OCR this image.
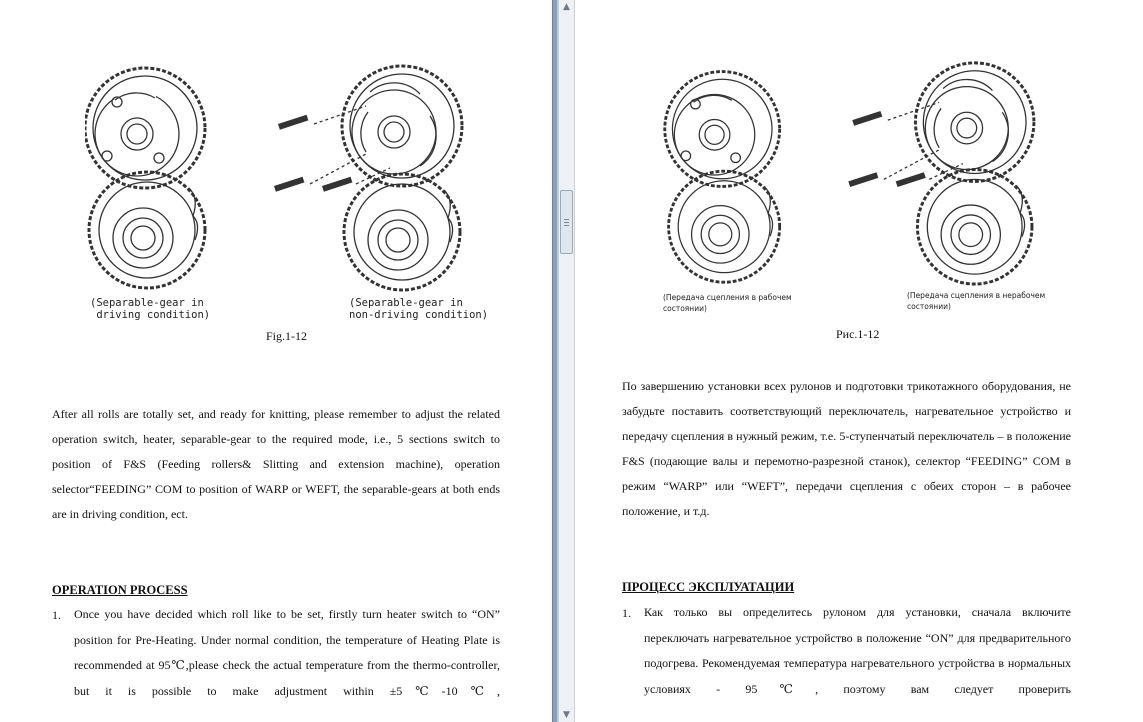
(Separable-gear in
driving condition)
(Separable-gear in
non-driving condition)
Fig.1-12
After all rolls are totally set, and ready for knitting, please remember to adjust the related operation switch, heater, separable-gear to the required mode, i.e., 5 sections switch to position of F&S (Feeding rollers& Slitting and extension machine), operation selector“FEEDING” COM to position of WARP or WEFT, the separable-gears at both ends are in driving condition, ect.
OPERATION PROCESS
1. Once you have decided which roll like to be set, firstly turn heater switch to “ON” position for Pre-Heating. Under normal condition, the temperature of Heating Plate is recommended at 95℃,please check the actual temperature from the thermo-controller, but it is possible to make adjustment within ±5℃-10℃,
▲
▼
(Передача сцепления в рабочем состоянии)
(Передача сцепления в нерабочем состоянии)
Рис.1-12
По завершению установки всех рулонов и подготовки трикотажного оборудования, не забудьте поставить соответствующий переключатель, нагревательное устройство и передачу сцепления в нужный режим, т.е. 5-ступенчатый переключатель – в положение F&S (подающие валы и перемотно-разрезной станок), селектор “FEEDING” COM в режим “WARP” или “WEFT”, передачи сцепления с обеих сторон – в рабочее положение, и т.д.
ПРОЦЕСС ЭКСПЛУАТАЦИИ
1. Как только вы определитесь рулоном для установки, сначала включите переключать нагревательное устройство в положение “ON” для предварительного подогрева. Рекомендуемая температура нагревательного устройства в нормальных условиях - 95℃, поэтому вам следует проверить
